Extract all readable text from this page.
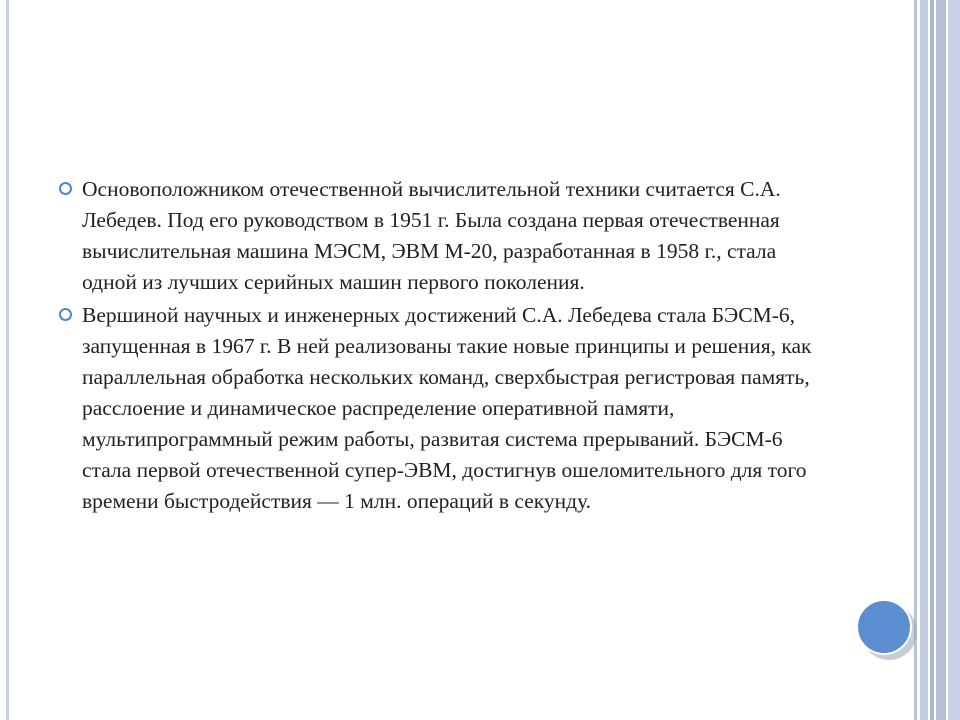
Основоположником отечественной вычислительной техники считается С.А. Лебедев. Под его руководством в 1951 г. Была создана первая отечественная вычислительная машина МЭСМ, ЭВМ М-20, разработанная в 1958 г., стала одной из лучших серийных машин первого поколения.
Вершиной научных и инженерных достижений С.А. Лебедева стала БЭСМ-6, запущенная в 1967 г. В ней реализованы такие новые принципы и решения, как параллельная обработка нескольких команд, сверхбыстрая регистровая память, расслоение и динамическое распределение оперативной памяти, мультипрограммный режим работы, развитая система прерываний. БЭСМ-6 стала первой отечественной супер-ЭВМ, достигнув ошеломительного для того времени быстродействия — 1 млн. операций в секунду.
